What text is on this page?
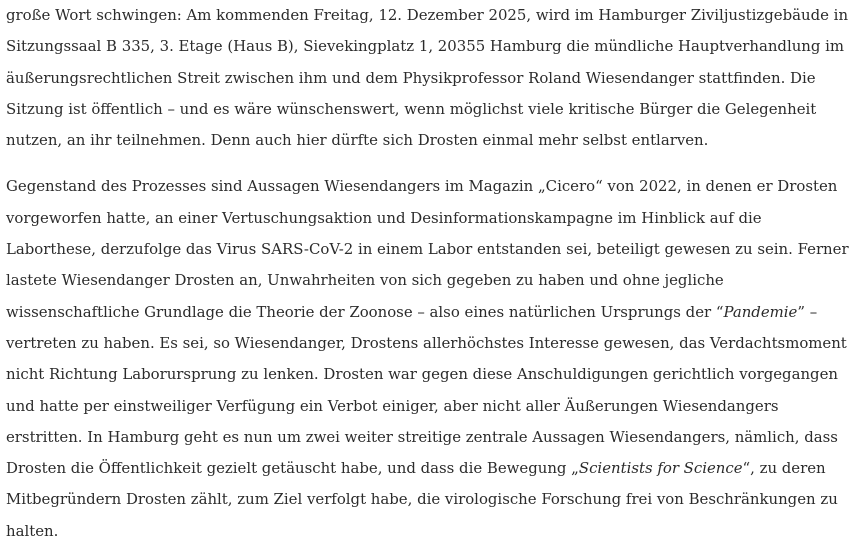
große Wort schwingen: Am kommenden Freitag, 12. Dezember 2025, wird im Hamburger Ziviljustizgebäude in
Sitzungssaal B 335, 3. Etage (Haus B), Sievekingplatz 1, 20355 Hamburg die mündliche Hauptverhandlung im
äußerungsrechtlichen Streit zwischen ihm und dem Physikprofessor Roland Wiesendanger stattfinden. Die
Sitzung ist öffentlich – und es wäre wünschenswert, wenn möglichst viele kritische Bürger die Gelegenheit
nutzen, an ihr teilnehmen. Denn auch hier dürfte sich Drosten einmal mehr selbst entlarven.
Gegenstand des Prozesses sind Aussagen Wiesendangers im Magazin „Cicero“ von 2022, in denen er Drosten
vorgeworfen hatte, an einer Vertuschungsaktion und Desinformationskampagne im Hinblick auf die
Laborthese, derzufolge das Virus SARS-CoV-2 in einem Labor entstanden sei, beteiligt gewesen zu sein. Ferner
lastete Wiesendanger Drosten an, Unwahrheiten von sich gegeben zu haben und ohne jegliche
wissenschaftliche Grundlage die Theorie der Zoonose – also eines natürlichen Ursprungs der “Pandemie” –
vertreten zu haben. Es sei, so Wiesendanger, Drostens allerhöchstes Interesse gewesen, das Verdachtsmoment
nicht Richtung Laborursprung zu lenken. Drosten war gegen diese Anschuldigungen gerichtlich vorgegangen
und hatte per einstweiliger Verfügung ein Verbot einiger, aber nicht aller Äußerungen Wiesendangers
erstritten. In Hamburg geht es nun um zwei weiter streitige zentrale Aussagen Wiesendangers, nämlich, dass
Drosten die Öffentlichkeit gezielt getäuscht habe, und dass die Bewegung „Scientists for Science“, zu deren
Mitbegründern Drosten zählt, zum Ziel verfolgt habe, die virologische Forschung frei von Beschränkungen zu
halten.
